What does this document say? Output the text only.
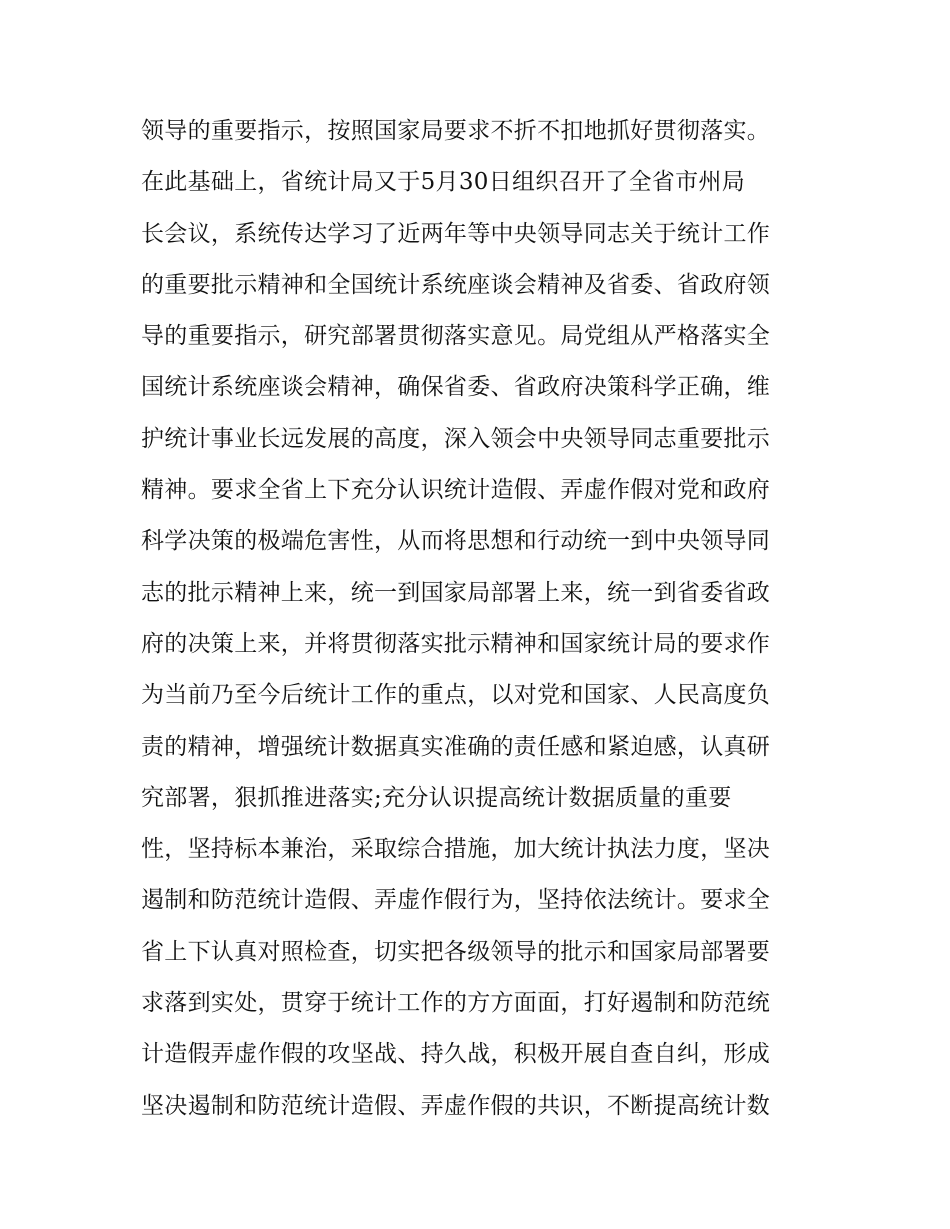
领导的重要指示，按照国家局要求不折不扣地抓好贯彻落实。
在此基础上，省统计局又于5月30日组织召开了全省市州局
长会议，系统传达学习了近两年等中央领导同志关于统计工作
的重要批示精神和全国统计系统座谈会精神及省委、省政府领
导的重要指示，研究部署贯彻落实意见。局党组从严格落实全
国统计系统座谈会精神，确保省委、省政府决策科学正确，维
护统计事业长远发展的高度，深入领会中央领导同志重要批示
精神。要求全省上下充分认识统计造假、弄虚作假对党和政府
科学决策的极端危害性，从而将思想和行动统一到中央领导同
志的批示精神上来，统一到国家局部署上来，统一到省委省政
府的决策上来，并将贯彻落实批示精神和国家统计局的要求作
为当前乃至今后统计工作的重点，以对党和国家、人民高度负
责的精神，增强统计数据真实准确的责任感和紧迫感，认真研
究部署，狠抓推进落实;充分认识提高统计数据质量的重要
性，坚持标本兼治，采取综合措施，加大统计执法力度，坚决
遏制和防范统计造假、弄虚作假行为，坚持依法统计。要求全
省上下认真对照检查，切实把各级领导的批示和国家局部署要
求落到实处，贯穿于统计工作的方方面面，打好遏制和防范统
计造假弄虚作假的攻坚战、持久战，积极开展自查自纠，形成
坚决遏制和防范统计造假、弄虚作假的共识，不断提高统计数
